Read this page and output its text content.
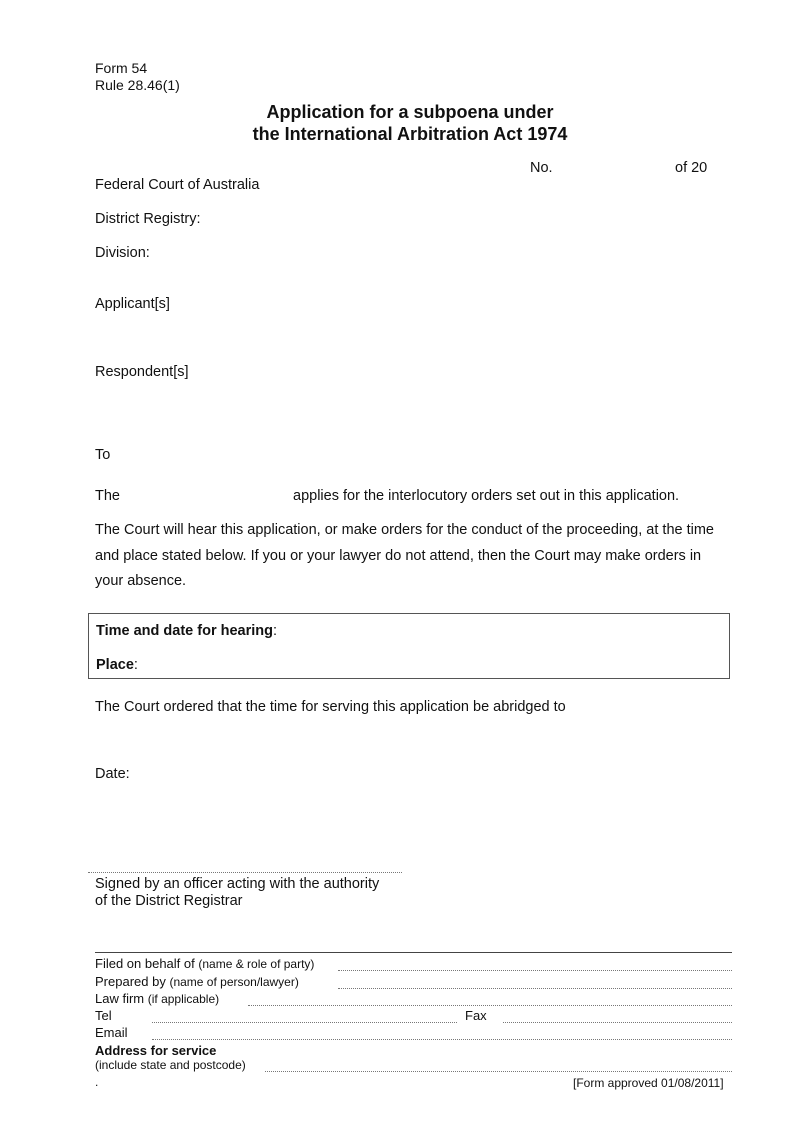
Form 54
Rule 28.46(1)
Application for a subpoena under
the International Arbitration Act 1974
No.	of 20
Federal Court of Australia
District Registry:
Division:
Applicant[s]
Respondent[s]
To
The	applies for the interlocutory orders set out in this application.
The Court will hear this application, or make orders for the conduct of the proceeding, at the time and place stated below. If you or your lawyer do not attend, then the Court may make orders in your absence.
Time and date for hearing:
Place:
The Court ordered that the time for serving this application be abridged to
Date:
Signed by an officer acting with the authority
of the District Registrar
Filed on behalf of (name & role of party)
Prepared by (name of person/lawyer)
Law firm (if applicable)
Tel	Fax
Email
Address for service
(include state and postcode)
.	[Form approved 01/08/2011]
